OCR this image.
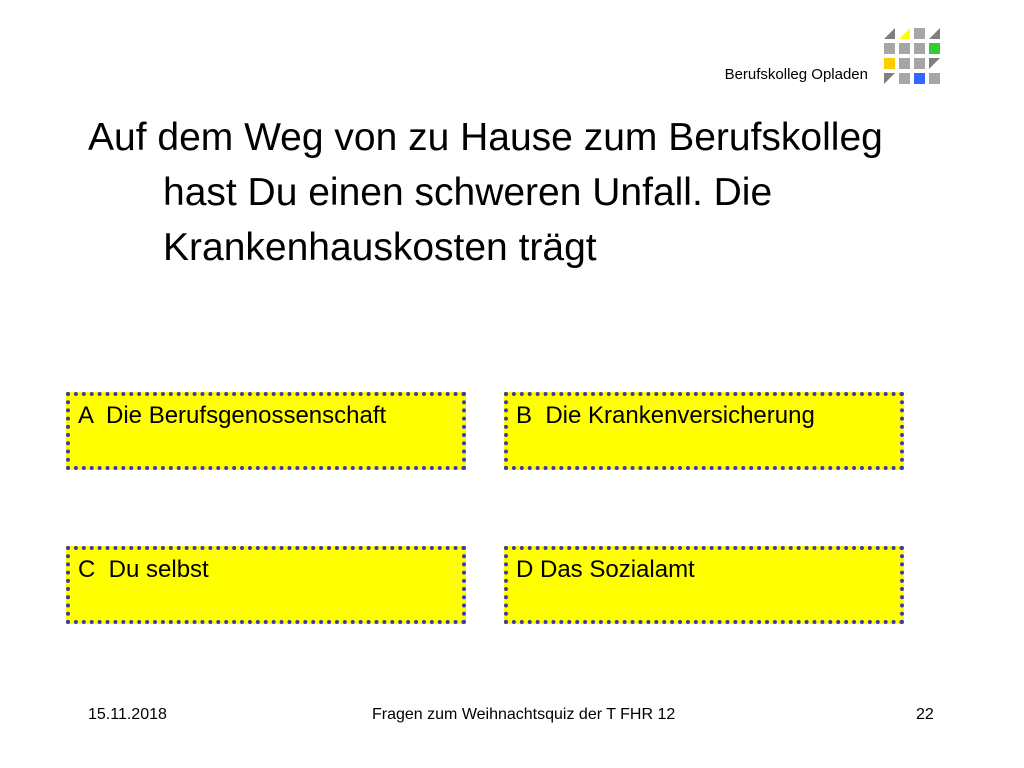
Berufskolleg Opladen

Auf dem Weg von zu Hause zum Berufskolleg hast Du einen schweren Unfall. Die Krankenhauskosten trägt

A  Die Berufsgenossenschaft	B  Die Krankenversicherung
C  Du selbst	D Das Sozialamt
15.11.2018	Fragen zum Weihnachtsquiz der T FHR 12	22
